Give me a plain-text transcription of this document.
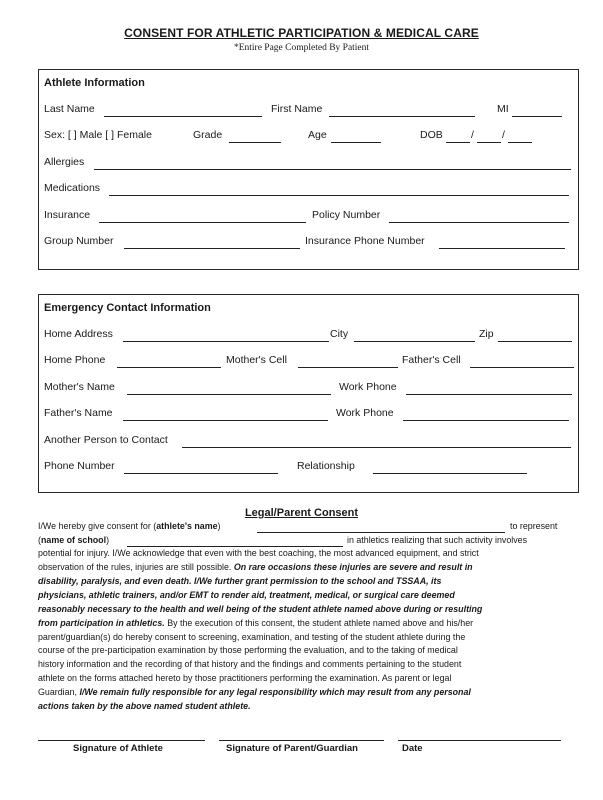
CONSENT FOR ATHLETIC PARTICIPATION & MEDICAL CARE
*Entire Page Completed By Patient
Athlete Information
Last Name	First Name	MI
Sex: [ ] Male [ ] Female	Grade	Age	DOB	/	/
Allergies
Medications
Insurance	Policy Number
Group Number	Insurance Phone Number
Emergency Contact Information
Home Address	City	Zip
Home Phone	Mother's Cell	Father's Cell
Mother's Name	Work Phone
Father's Name	Work Phone
Another Person to Contact
Phone Number	Relationship
Legal/Parent Consent
I/We hereby give consent for (athlete's name)	to represent
(name of school)	in athletics realizing that such activity involves
potential for injury. I/We acknowledge that even with the best coaching, the most advanced equipment, and strict
observation of the rules, injuries are still possible. On rare occasions these injuries are severe and result in
disability, paralysis, and even death. I/We further grant permission to the school and TSSAA, its
physicians, athletic trainers, and/or EMT to render aid, treatment, medical, or surgical care deemed
reasonably necessary to the health and well being of the student athlete named above during or resulting
from participation in athletics. By the execution of this consent, the student athlete named above and his/her
parent/guardian(s) do hereby consent to screening, examination, and testing of the student athlete during the
course of the pre-participation examination by those performing the evaluation, and to the taking of medical
history information and the recording of that history and the findings and comments pertaining to the student
athlete on the forms attached hereto by those practitioners performing the examination. As parent or legal
Guardian, I/We remain fully responsible for any legal responsibility which may result from any personal
actions taken by the above named student athlete.
Signature of Athlete	Signature of Parent/Guardian	Date
